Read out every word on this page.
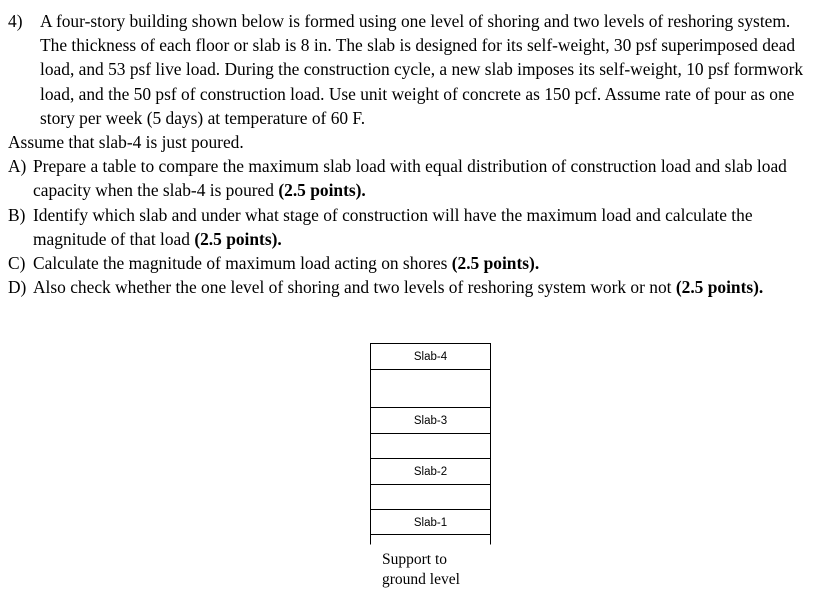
4) A four-story building shown below is formed using one level of shoring and two levels of reshoring system. The thickness of each floor or slab is 8 in. The slab is designed for its self-weight, 30 psf superimposed dead load, and 53 psf live load. During the construction cycle, a new slab imposes its self-weight, 10 psf formwork load, and the 50 psf of construction load. Use unit weight of concrete as 150 pcf. Assume rate of pour as one story per week (5 days) at temperature of 60 F.
Assume that slab-4 is just poured.
A) Prepare a table to compare the maximum slab load with equal distribution of construction load and slab load capacity when the slab-4 is poured (2.5 points).
B) Identify which slab and under what stage of construction will have the maximum load and calculate the magnitude of that load (2.5 points).
C) Calculate the magnitude of maximum load acting on shores (2.5 points).
D) Also check whether the one level of shoring and two levels of reshoring system work or not (2.5 points).
Slab-4
Slab-3
Slab-2
Slab-1
Support to
ground level
